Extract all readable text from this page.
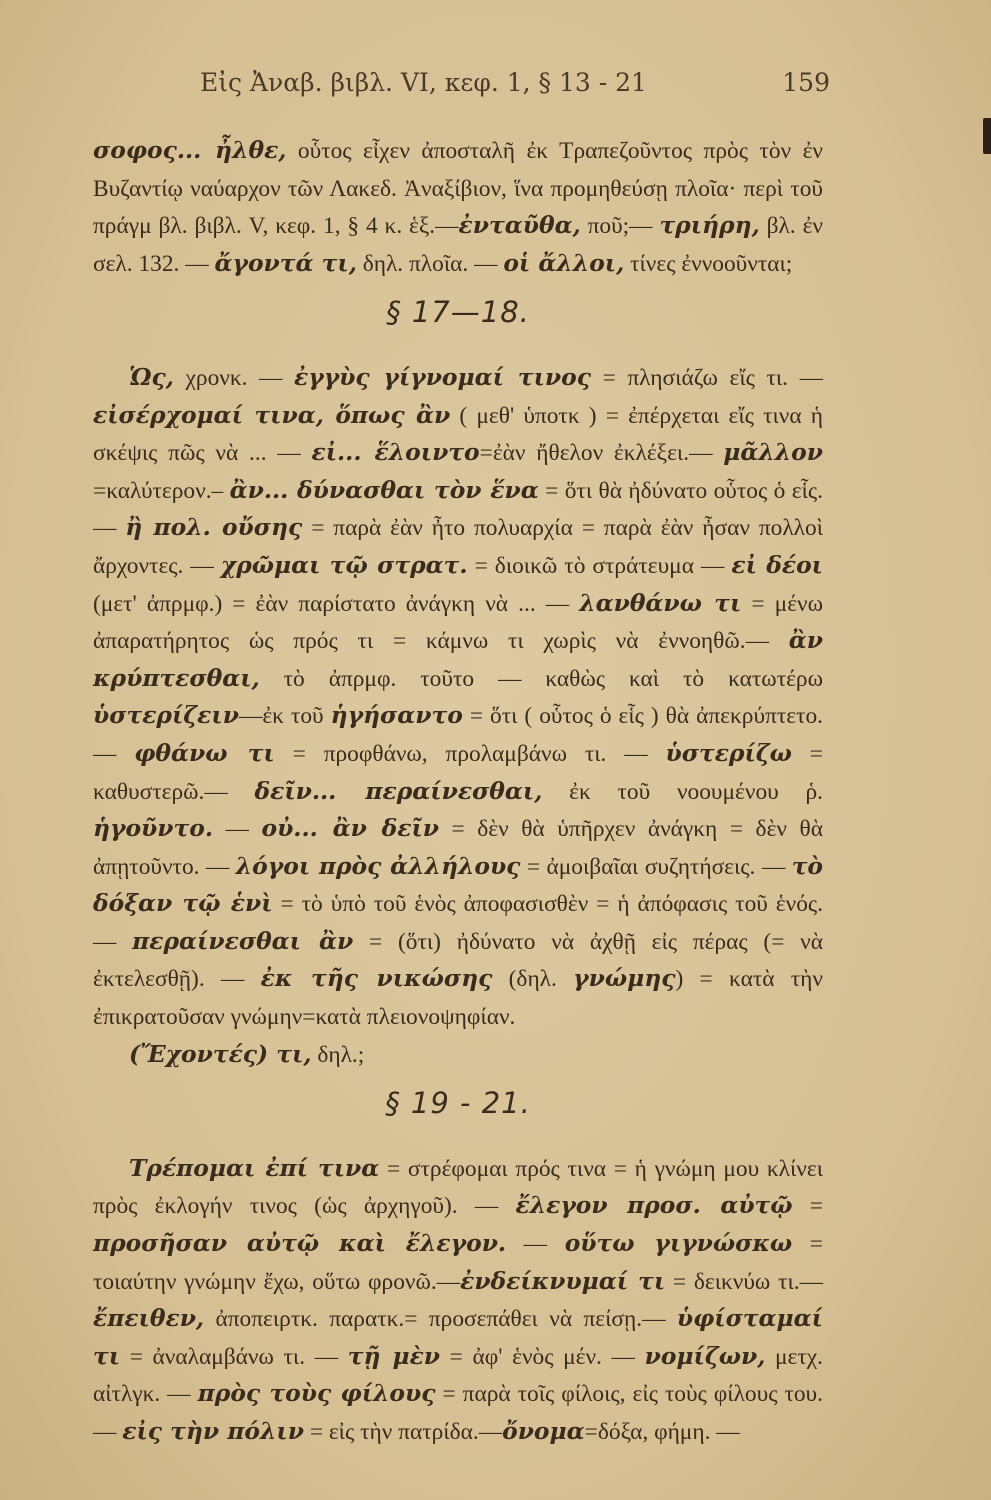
Εἰς Ἀναβ. βιβλ. VI, κεφ. 1, § 13 - 21	159

σοφος... ἦλθε, οὗτος εἶχεν ἀποσταλῆ ἐκ Τραπεζοῦντος πρὸς τὸν ἐν Βυζαντίῳ ναύαρχον τῶν Λακεδ. Ἀναξίβιον, ἵνα προμηθεύσῃ πλοῖα· περὶ τοῦ πράγμ βλ. βιβλ. V, κεφ. 1, § 4 κ. ἑξ.—ἐνταῦθα, ποῦ;— τριήρη, βλ. ἐν σελ. 132. — ἄγοντά τι, δηλ. πλοῖα. — οἱ ἄλλοι, τίνες ἐννοοῦνται;

§ 17—18.

Ὡς, χρονκ. — ἐγγὺς γίγνομαί τινος = πλησιάζω εἴς τι. — εἰσέρχομαί τινα, ὅπως ἂν ( μεθ' ὑποτκ ) = ἐπέρχεται εἴς τινα ἡ σκέψις πῶς νὰ ... — εἰ... ἕλοιντο=ἐὰν ἤθελον ἐκλέξει.— μᾶλλον =καλύτερον.– ἂν... δύνασθαι τὸν ἕνα = ὅτι θὰ ἠδύνατο οὗτος ὁ εἷς. — ἢ πολ. οὔσης = παρὰ ἐὰν ἦτο πολυαρχία = παρὰ ἐὰν ἦσαν πολλοὶ ἄρχοντες. — χρῶμαι τῷ στρατ. = διοικῶ τὸ στράτευμα — εἰ δέοι (μετ' ἀπρμφ.) = ἐὰν παρίστατο ἀνάγκη νὰ ... — λανθάνω τι = μένω ἀπαρατήρητος ὡς πρός τι = κάμνω τι χωρὶς νὰ ἐννοηθῶ.— ἂν κρύπτεσθαι, τὸ ἀπρμφ. τοῦτο — καθὼς καὶ τὸ κατωτέρω ὑστερίζειν—ἐκ τοῦ ἡγήσαντο = ὅτι ( οὗτος ὁ εἷς ) θὰ ἀπεκρύπτετο. — φθάνω τι = προφθάνω, προλαμβάνω τι. — ὑστερίζω = καθυστερῶ.— δεῖν... περαίνεσθαι, ἐκ τοῦ νοουμένου ῥ. ἡγοῦντο. — οὐ... ἂν δεῖν = δὲν θὰ ὑπῆρχεν ἀνάγκη = δὲν θὰ ἀπῃτοῦντο. — λόγοι πρὸς ἀλλήλους = ἀμοιβαῖαι συζητήσεις. — τὸ δόξαν τῷ ἑνὶ = τὸ ὑπὸ τοῦ ἑνὸς ἀποφασισθὲν = ἡ ἀπόφασις τοῦ ἑνός. — περαίνεσθαι ἂν = (ὅτι) ἠδύνατο νὰ ἀχθῇ εἰς πέρας (= νὰ ἐκτελεσθῇ). — ἐκ τῆς νικώσης (δηλ. γνώμης) = κατὰ τὴν ἐπικρατοῦσαν γνώμην=κατὰ πλειονοψηφίαν.

(Ἔχοντές) τι, δηλ.;

§ 19 - 21.

Τρέπομαι ἐπί τινα = στρέφομαι πρός τινα = ἡ γνώμη μου κλίνει πρὸς ἐκλογήν τινος (ὡς ἀρχηγοῦ). — ἔλεγον προσ. αὐτῷ = προσῆσαν αὐτῷ καὶ ἔλεγον. — οὕτω γιγνώσκω = τοιαύτην γνώμην ἔχω, οὕτω φρονῶ.—ἐνδείκνυμαί τι = δεικνύω τι.—ἔπειθεν, ἀποπειρτκ. παρατκ.= προσεπάθει νὰ πείσῃ.— ὑφίσταμαί τι = ἀναλαμβάνω τι. — τῇ μὲν = ἀφ' ἑνὸς μέν. — νομίζων, μετχ. αἰτλγκ. — πρὸς τοὺς φίλους = παρὰ τοῖς φίλοις, εἰς τοὺς φίλους του.— εἰς τὴν πόλιν = εἰς τὴν πατρίδα.—ὄνομα=δόξα, φήμη. —
